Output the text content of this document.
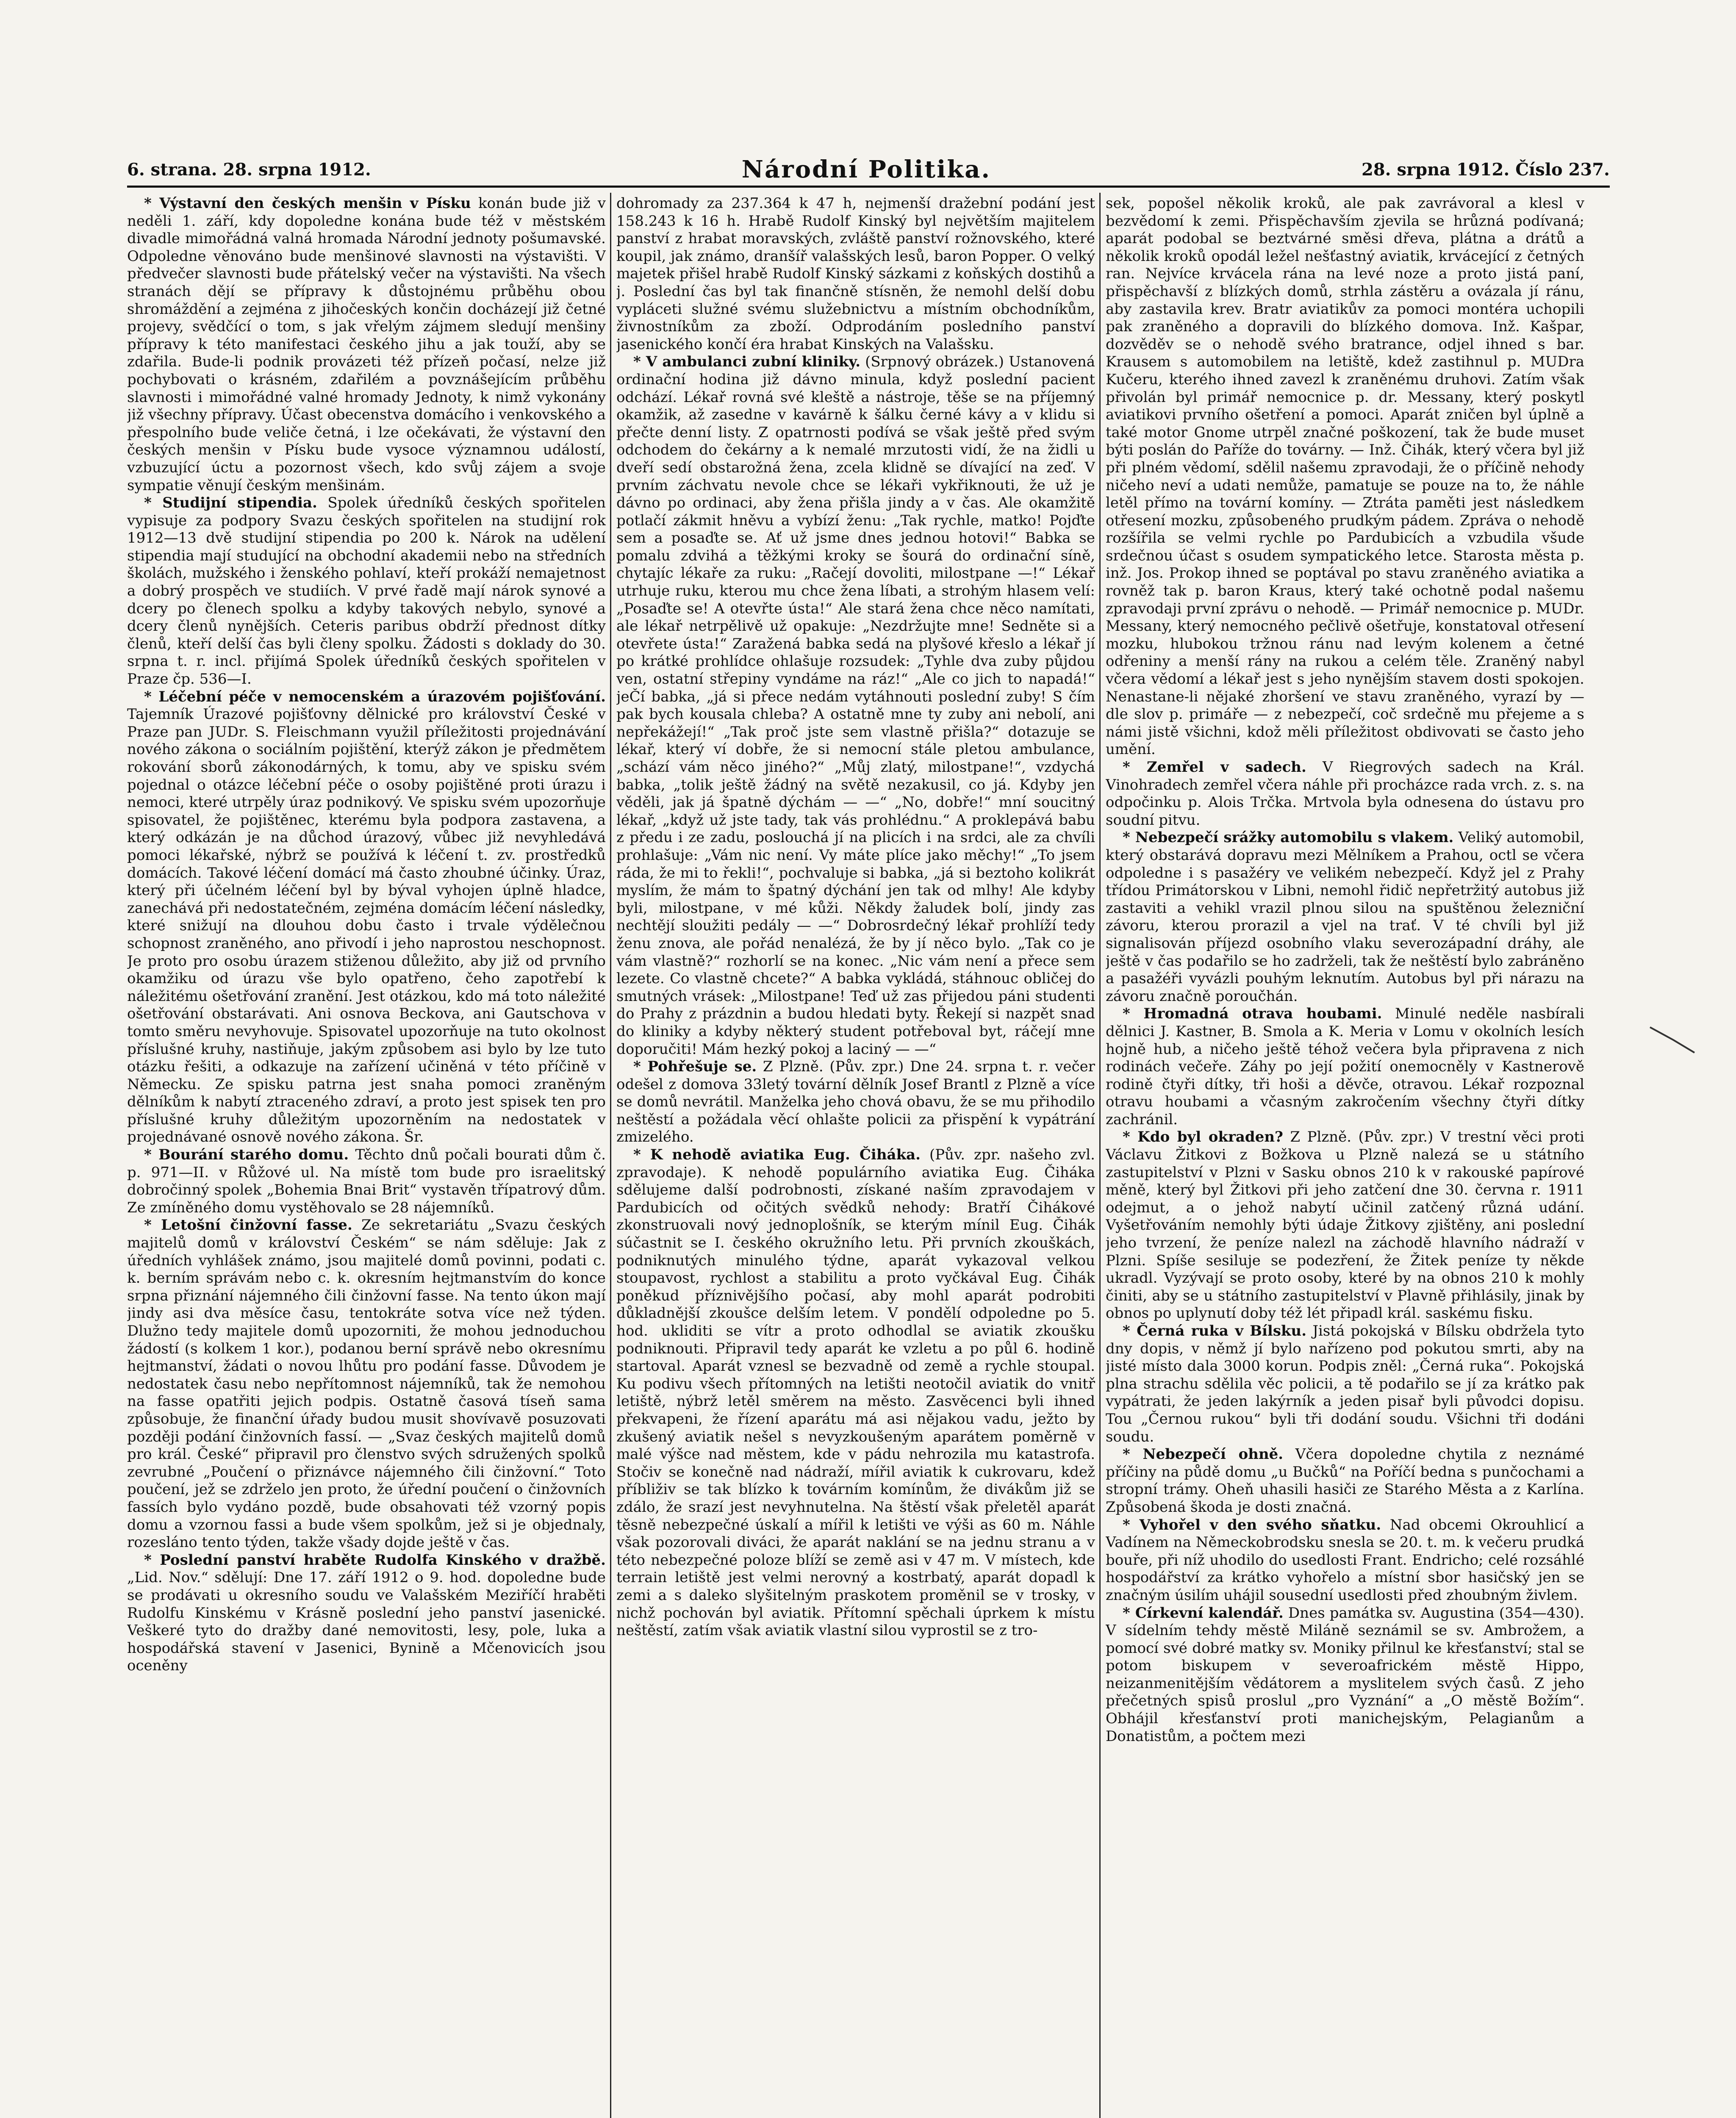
6. strana. 28. srpna 1912.	Národní Politika.	28. srpna 1912. Číslo 237.

* Výstavní den českých menšin v Písku konán bude již v neděli 1. září, kdy dopoledne konána bude též v městském divadle mimořádná valná hromada Národní jednoty pošumavské. Odpoledne věnováno bude menšinové slavnosti na výstavišti. V předvečer slavnosti bude přátelský večer na výstavišti. Na všech stranách dějí se přípravy k důstojnému průběhu obou shromáždění a zejména z jihočeských končin docházejí již četné projevy, svědčící o tom, s jak vřelým zájmem sledují menšiny přípravy k této manifestaci českého jihu a jak touží, aby se zdařila. Bude-li podnik provázeti též přízeň počasí, nelze již pochybovati o krásném, zdařilém a povznášejícím průběhu slavnosti i mimořádné valné hromady Jednoty, k nimž vykonány již všechny přípravy. Účast obecenstva domácího i venkovského a přespolního bude veliče četná, i lze očekávati, že výstavní den českých menšin v Písku bude vysoce významnou událostí, vzbuzující úctu a pozornost všech, kdo svůj zájem a svoje sympatie věnují českým menšinám.

* Studijní stipendia. Spolek úředníků českých spořitelen vypisuje za podpory Svazu českých spořitelen na studijní rok 1912—13 dvě studijní stipendia po 200 k. Nárok na udělení stipendia mají studující na obchodní akademii nebo na středních školách, mužského i ženského pohlaví, kteří prokáží nemajetnost a dobrý prospěch ve studiích. V prvé řadě mají nárok synové a dcery po členech spolku a kdyby takových nebylo, synové a dcery členů nynějších. Ceteris paribus obdrží přednost dítky členů, kteří delší čas byli členy spolku. Žádosti s doklady do 30. srpna t. r. incl. přijímá Spolek úředníků českých spořitelen v Praze čp. 536—I.

* Léčební péče v nemocenském a úrazovém pojišťování. Tajemník Úrazové pojišťovny dělnické pro království České v Praze pan JUDr. S. Fleischmann využil příležitosti projednávání nového zákona o sociálním pojištění, kterýž zákon je předmětem rokování sborů zákonodárných, k tomu, aby ve spisku svém pojednal o otázce léčební péče o osoby pojištěné proti úrazu i nemoci, které utrpěly úraz podnikový. Ve spisku svém upozorňuje spisovatel, že pojištěnec, kterému byla podpora zastavena, a který odkázán je na důchod úrazový, vůbec již nevyhledává pomoci lékařské, nýbrž se používá k léčení t. zv. prostředků domácích. Takové léčení domácí má často zhoubné účinky. Úraz, který při účelném léčení byl by býval vyhojen úplně hladce, zanechává při nedostatečném, zejména domácím léčení následky, které snižují na dlouhou dobu často i trvale výdělečnou schopnost zraněného, ano přivodí i jeho naprostou neschopnost. Je proto pro osobu úrazem stiženou důležito, aby již od prvního okamžiku od úrazu vše bylo opatřeno, čeho zapotřebí k náležitému ošetřování zranění. Jest otázkou, kdo má toto náležité ošetřování obstarávati. Ani osnova Beckova, ani Gautschova v tomto směru nevyhovuje. Spisovatel upozorňuje na tuto okolnost příslušné kruhy, nastiňuje, jakým způsobem asi bylo by lze tuto otázku řešiti, a odkazuje na zařízení učiněná v této příčině v Německu. Ze spisku patrna jest snaha pomoci zraněným dělníkům k nabytí ztraceného zdraví, a proto jest spisek ten pro příslušné kruhy důležitým upozorněním na nedostatek v projednávané osnově nového zákona. Šr.

* Bourání starého domu. Těchto dnů počali bourati dům č. p. 971—II. v Růžové ul. Na místě tom bude pro israelitský dobročinný spolek „Bohemia Bnai Brit“ vystavěn třípatrový dům. Ze zmíněného domu vystěhovalo se 28 nájemníků.

* Letošní činžovní fasse. Ze sekretariátu „Svazu českých majitelů domů v království Českém“ se nám sděluje: Jak z úředních vyhlášek známo, jsou majitelé domů povinni, podati c. k. berním správám nebo c. k. okresním hejtmanstvím do konce srpna přiznání nájemného čili činžovní fasse. Na tento úkon mají jindy asi dva měsíce času, tentokráte sotva více než týden. Dlužno tedy majitele domů upozorniti, že mohou jednoduchou žádostí (s kolkem 1 kor.), podanou berní správě nebo okresnímu hejtmanství, žádati o novou lhůtu pro podání fasse. Důvodem je nedostatek času nebo nepřítomnost nájemníků, tak že nemohou na fasse opatřiti jejich podpis. Ostatně časová tíseň sama způsobuje, že finanční úřady budou musit shovívavě posuzovati později podání činžovních fassí. — „Svaz českých majitelů domů pro král. České“ připravil pro členstvo svých sdružených spolků zevrubné „Poučení o přiznávce nájemného čili činžovní.“ Toto poučení, jež se zdrželo jen proto, že úřední poučení o činžovních fassích bylo vydáno pozdě, bude obsahovati též vzorný popis domu a vzornou fassi a bude všem spolkům, jež si je objednaly, rozesláno tento týden, takže všady dojde ještě v čas.

* Poslední panství hraběte Rudolfa Kinského v dražbě. „Lid. Nov.“ sdělují: Dne 17. září 1912 o 9. hod. dopoledne bude se prodávati u okresního soudu ve Valašském Meziříčí hraběti Rudolfu Kinskému v Krásně poslední jeho panství jasenické. Veškeré tyto do dražby dané nemovitosti, lesy, pole, luka a hospodářská stavení v Jasenici, Bynině a Mčenovicích jsou oceněny

dohromady za 237.364 k 47 h, nejmenší dražební podání jest 158.243 k 16 h. Hrabě Rudolf Kinský byl největším majitelem panství z hrabat moravských, zvláště panství rožnovského, které koupil, jak známo, dranšíř valašských lesů, baron Popper. O velký majetek přišel hrabě Rudolf Kinský sázkami z koňských dostihů a j. Poslední čas byl tak finančně stísněn, že nemohl delší dobu vypláceti služné svému služebnictvu a místním obchodníkům, živnostníkům za zboží. Odprodáním posledního panství jasenického končí éra hrabat Kinských na Valašsku.

* V ambulanci zubní kliniky. (Srpnový obrázek.) Ustanovená ordinační hodina již dávno minula, když poslední pacient odchází. Lékař rovná své kleště a nástroje, těše se na příjemný okamžik, až zasedne v kavárně k šálku černé kávy a v klidu si přečte denní listy. Z opatrnosti podívá se však ještě před svým odchodem do čekárny a k nemalé mrzutosti vidí, že na židli u dveří sedí obstarožná žena, zcela klidně se dívající na zeď. V prvním záchvatu nevole chce se lékaři vykřiknouti, že už je dávno po ordinaci, aby žena přišla jindy a v čas. Ale okamžitě potlačí zákmit hněvu a vybízí ženu: „Tak rychle, matko! Pojďte sem a posaďte se. Ať už jsme dnes jednou hotovi!“ Babka se pomalu zdvihá a těžkými kroky se šourá do ordinační síně, chytajíc lékaře za ruku: „Račejí dovoliti, milostpane —!“ Lékař utrhuje ruku, kterou mu chce žena líbati, a strohým hlasem velí: „Posaďte se! A otevřte ústa!“ Ale stará žena chce něco namítati, ale lékař netrpělivě už opakuje: „Nezdržujte mne! Sedněte si a otevřete ústa!“ Zaražená babka sedá na plyšové křeslo a lékař jí po krátké prohlídce ohlašuje rozsudek: „Tyhle dva zuby půjdou ven, ostatní střepiny vyndáme na ráz!“ „Ale co jich to napadá!“ jeČí babka, „já si přece nedám vytáhnouti poslední zuby! S čím pak bych kousala chleba? A ostatně mne ty zuby ani nebolí, ani nepřekážejí!“ „Tak proč jste sem vlastně přišla?“ dotazuje se lékař, který ví dobře, že si nemocní stále pletou ambulance, „schází vám něco jiného?“ „Můj zlatý, milostpane!“, vzdychá babka, „tolik ještě žádný na světě nezakusil, co já. Kdyby jen věděli, jak já špatně dýchám — —“ „No, dobře!“ mní soucitný lékař, „když už jste tady, tak vás prohlédnu.“ A proklepává babu z předu i ze zadu, poslouchá jí na plicích i na srdci, ale za chvíli prohlašuje: „Vám nic není. Vy máte plíce jako měchy!“ „To jsem ráda, že mi to řekli!“, pochvaluje si babka, „já si beztoho kolikrát myslím, že mám to špatný dýchání jen tak od mlhy! Ale kdyby byli, milostpane, v mé kůži. Někdy žaludek bolí, jindy zas nechtějí sloužiti pedály — —“ Dobrosrdečný lékař prohlíží tedy ženu znova, ale pořád nenalézá, že by jí něco bylo. „Tak co je vám vlastně?“ rozhorlí se na konec. „Nic vám není a přece sem lezete. Co vlastně chcete?“ A babka vykládá, stáhnouc obličej do smutných vrásek: „Milostpane! Teď už zas přijedou páni studenti do Prahy z prázdnin a budou hledati byty. Řekejí si nazpět snad do kliniky a kdyby některý student potřeboval byt, ráčejí mne doporučiti! Mám hezký pokoj a laciný — —“

* Pohřešuje se. Z Plzně. (Pův. zpr.) Dne 24. srpna t. r. večer odešel z domova 33letý tovární dělník Josef Brantl z Plzně a více se domů nevrátil. Manželka jeho chová obavu, že se mu přihodilo neštěstí a požádala věcí ohlašte policii za přispění k vypátrání zmizelého.

* K nehodě aviatika Eug. Čiháka. (Pův. zpr. našeho zvl. zpravodaje). K nehodě populárního aviatika Eug. Čiháka sdělujeme další podrobnosti, získané naším zpravodajem v Pardubicích od očitých svědků nehody: Bratří Čihákové zkonstruovali nový jednoplošník, se kterým mínil Eug. Čihák súčastnit se I. českého okružního letu. Při prvních zkouškách, podniknutých minulého týdne, aparát vykazoval velkou stoupavost, rychlost a stabilitu a proto vyčkával Eug. Čihák poněkud příznivějšího počasí, aby mohl aparát podrobiti důkladnější zkoušce delším letem. V pondělí odpoledne po 5. hod. ukliditi se vítr a proto odhodlal se aviatik zkoušku podniknouti. Připravil tedy aparát ke vzletu a po půl 6. hodině startoval. Aparát vznesl se bezvadně od země a rychle stoupal. Ku podivu všech přítomných na letišti neotočil aviatik do vnitř letiště, nýbrž letěl směrem na město. Zasvěcenci byli ihned překvapeni, že řízení aparátu má asi nějakou vadu, ježto by zkušený aviatik nešel s nevyzkoušeným aparátem poměrně v malé výšce nad městem, kde v pádu nehrozila mu katastrofa. Stočiv se konečně nad nádraží, mířil aviatik k cukrovaru, kdež příbliživ se tak blízko k továrním komínům, že divákům již se zdálo, že srazí jest nevyhnutelna. Na štěstí však přeletěl aparát těsně nebezpečné úskalí a mířil k letišti ve výši as 60 m. Náhle však pozorovali diváci, že aparát naklání se na jednu stranu a v této nebezpečné poloze blíží se země asi v 47 m. V místech, kde terrain letiště jest velmi nerovný a kostrbatý, aparát dopadl k zemi a s daleko slyšitelným praskotem proměnil se v trosky, v nichž pochován byl aviatik. Přítomní spěchali úprkem k místu neštěstí, zatím však aviatik vlastní silou vyprostil se z tro-

sek, popošel několik kroků, ale pak zavrávoral a klesl v bezvědomí k zemi. Přispěchavším zjevila se hrůzná podívaná; aparát podobal se beztvárné směsi dřeva, plátna a drátů a několik kroků opodál ležel nešťastný aviatik, krvácející z četných ran. Nejvíce krvácela rána na levé noze a proto jistá paní, přispěchavší z blízkých domů, strhla zástěru a ovázala jí ránu, aby zastavila krev. Bratr aviatikův za pomoci montéra uchopili pak zraněného a dopravili do blízkého domova. Inž. Kašpar, dozvěděv se o nehodě svého bratrance, odjel ihned s bar. Krausem s automobilem na letiště, kdež zastihnul p. MUDra Kučeru, kterého ihned zavezl k zraněnému druhovi. Zatím však přivolán byl primář nemocnice p. dr. Messany, který poskytl aviatikovi prvního ošetření a pomoci. Aparát zničen byl úplně a také motor Gnome utrpěl značné poškození, tak že bude muset býti poslán do Paříže do továrny. — Inž. Čihák, který včera byl již při plném vědomí, sdělil našemu zpravodaji, že o příčině nehody ničeho neví a udati nemůže, pamatuje se pouze na to, že náhle letěl přímo na tovární komíny. — Ztráta paměti jest následkem otřesení mozku, způsobeného prudkým pádem. Zpráva o nehodě rozšířila se velmi rychle po Pardubicích a vzbudila všude srdečnou účast s osudem sympatického letce. Starosta města p. inž. Jos. Prokop ihned se poptával po stavu zraněného aviatika a rovněž tak p. baron Kraus, který také ochotně podal našemu zpravodaji první zprávu o nehodě. — Primář nemocnice p. MUDr. Messany, který nemocného pečlivě ošetřuje, konstatoval otřesení mozku, hlubokou tržnou ránu nad levým kolenem a četné odřeniny a menší rány na rukou a celém těle. Zraněný nabyl včera vědomí a lékař jest s jeho nynějším stavem dosti spokojen. Nenastane-li nějaké zhoršení ve stavu zraněného, vyrazí by — dle slov p. primáře — z nebezpečí, coč srdečně mu přejeme a s námi jistě všichni, kdož měli příležitost obdivovati se často jeho umění.

* Zemřel v sadech. V Riegrových sadech na Král. Vinohradech zemřel včera náhle při procházce rada vrch. z. s. na odpočinku p. Alois Trčka. Mrtvola byla odnesena do ústavu pro soudní pitvu.

* Nebezpečí srážky automobilu s vlakem. Veliký automobil, který obstarává dopravu mezi Mělníkem a Prahou, octl se včera odpoledne i s pasažéry ve velikém nebezpečí. Když jel z Prahy třídou Primátorskou v Libni, nemohl řidič nepřetržitý autobus již zastaviti a vehikl vrazil plnou silou na spuštěnou železniční závoru, kterou prorazil a vjel na trať. V té chvíli byl již signalisován příjezd osobního vlaku severozápadní dráhy, ale ještě v čas podařilo se ho zadrželi, tak že neštěstí bylo zabráněno a pasažéři vyvázli pouhým leknutím. Autobus byl při nárazu na závoru značně poroučhán.

* Hromadná otrava houbami. Minulé neděle nasbírali dělnici J. Kastner, B. Smola a K. Meria v Lomu v okolních lesích hojně hub, a ničeho ještě téhož večera byla připravena z nich rodinách večeře. Záhy po její požití onemocněly v Kastnerově rodině čtyři dítky, tři hoši a děvče, otravou. Lékař rozpoznal otravu houbami a včasným zakročením všechny čtyři dítky zachránil.

* Kdo byl okraden? Z Plzně. (Pův. zpr.) V trestní věci proti Václavu Žitkovi z Božkova u Plzně nalezá se u státního zastupitelství v Plzni v Sasku obnos 210 k v rakouské papírové měně, který byl Žitkovi při jeho zatčení dne 30. června r. 1911 odejmut, a o jehož nabytí učinil zatčený různá udání. Vyšetřováním nemohly býti údaje Žitkovy zjištěny, ani poslední jeho tvrzení, že peníze nalezl na záchodě hlavního nádraží v Plzni. Spíše sesiluje se podezření, že Žitek peníze ty někde ukradl. Vyzývají se proto osoby, které by na obnos 210 k mohly činiti, aby se u státního zastupitelství v Plavně přihlásily, jinak by obnos po uplynutí doby též lét připadl král. saskému fisku.

* Černá ruka v Bílsku. Jistá pokojská v Bílsku obdržela tyto dny dopis, v němž jí bylo nařízeno pod pokutou smrti, aby na jisté místo dala 3000 korun. Podpis zněl: „Černá ruka“. Pokojská plna strachu sdělila věc policii, a tě podařilo se jí za krátko pak vypátrati, že jeden lakýrník a jeden pisař byli původci dopisu. Tou „Černou rukou“ byli tři dodání soudu. Všichni tři dodáni soudu.

* Nebezpečí ohně. Včera dopoledne chytila z neznámé příčiny na půdě domu „u Bučků“ na Poříčí bedna s punčochami a stropní trámy. Oheň uhasili hasiči ze Starého Města a z Karlína. Způsobená škoda je dosti značná.

* Vyhořel v den svého sňatku. Nad obcemi Okrouhlicí a Vadínem na Německobrodsku snesla se 20. t. m. k večeru prudká bouře, při níž uhodilo do usedlosti Frant. Endricho; celé rozsáhlé hospodářství za krátko vyhořelo a místní sbor hasičský jen se značným úsilím uhájil sousední usedlosti před zhoubným živlem.

* Církevní kalendář. Dnes památka sv. Augustina (354—430). V sídelním tehdy městě Miláně seznámil se sv. Ambrožem, a pomocí své dobré matky sv. Moniky přilnul ke křesťanství; stal se potom biskupem v severoafrickém městě Hippo, neizanmenitějším vědátorem a myslitelem svých časů. Z jeho přečetných spisů proslul „pro Vyznání“ a „O městě Božím“. Obhájil křesťanství proti manichejským, Pelagianům a Donatistům, a počtem mezi
